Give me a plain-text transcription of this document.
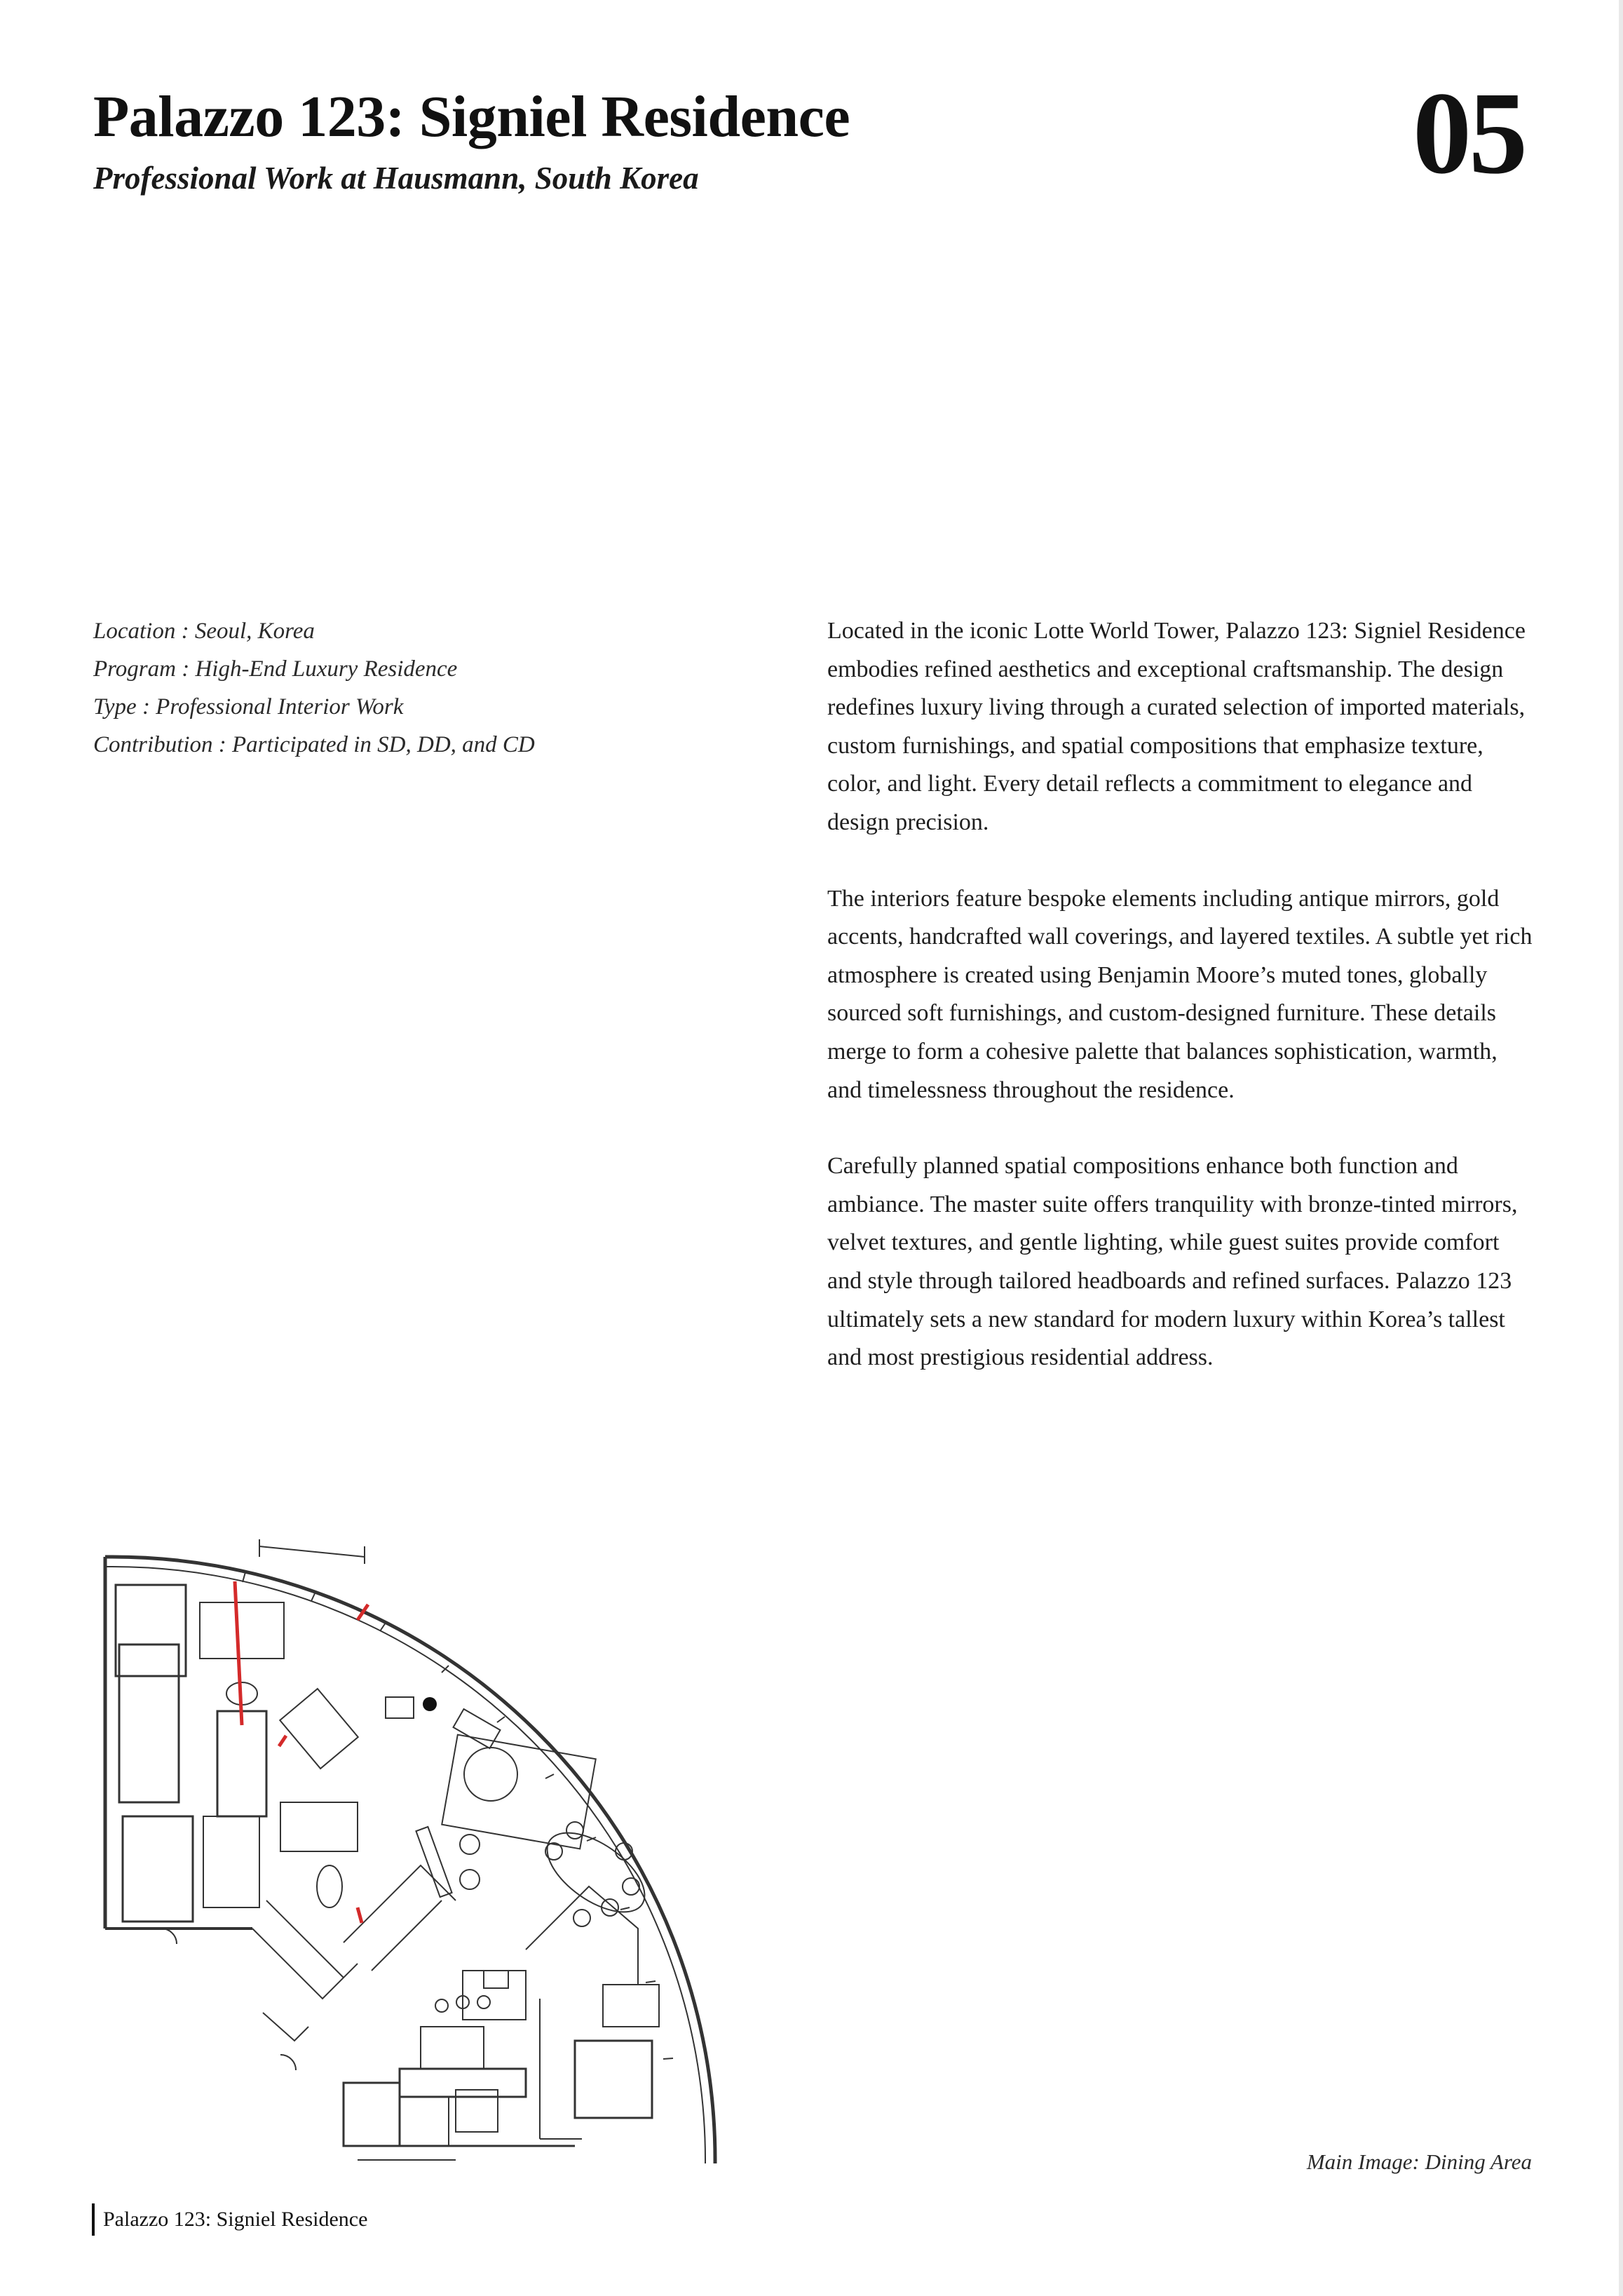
Palazzo 123: Signiel Residence
Professional Work at Hausmann, South Korea	05
Location : Seoul, Korea
Program : High-End Luxury Residence
Type : Professional Interior Work
Contribution : Participated in SD, DD, and CD

Located in the iconic Lotte World Tower, Palazzo 123: Signiel Residence embodies refined aesthetics and exceptional craftsmanship. The design redefines luxury living through a curated selection of imported materials, custom furnishings, and spatial compositions that emphasize texture, color, and light. Every detail reflects a commitment to elegance and design precision.

The interiors feature bespoke elements including antique mirrors, gold accents, handcrafted wall coverings, and layered textiles. A subtle yet rich atmosphere is created using Benjamin Moore’s muted tones, globally sourced soft furnishings, and custom-designed furniture. These details merge to form a cohesive palette that balances sophistication, warmth, and timelessness throughout the residence.

Carefully planned spatial compositions enhance both function and ambiance. The master suite offers tranquility with bronze-tinted mirrors, velvet textures, and gentle lighting, while guest suites provide comfort and style through tailored headboards and refined surfaces. Palazzo 123 ultimately sets a new standard for modern luxury within Korea’s tallest and most prestigious residential address.

Main Image: Dining Area
Palazzo 123: Signiel Residence
